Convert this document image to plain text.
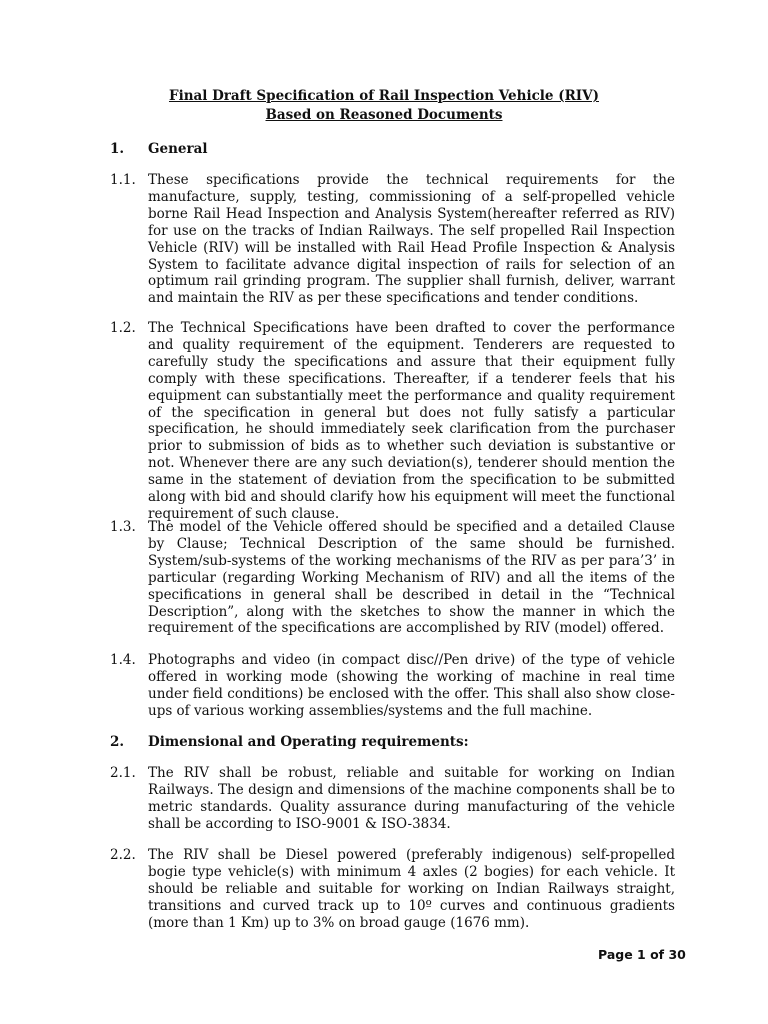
Final Draft Specification of Rail Inspection Vehicle (RIV)
Based on Reasoned Documents
1. General
1.1. These specifications provide the technical requirements for the manufacture, supply, testing, commissioning of a self-propelled vehicle borne Rail Head Inspection and Analysis System(hereafter referred as RIV) for use on the tracks of Indian Railways. The self propelled Rail Inspection Vehicle (RIV) will be installed with Rail Head Profile Inspection & Analysis System to facilitate advance digital inspection of rails for selection of an optimum rail grinding program. The supplier shall furnish, deliver, warrant and maintain the RIV as per these specifications and tender conditions.
1.2. The Technical Specifications have been drafted to cover the performance and quality requirement of the equipment. Tenderers are requested to carefully study the specifications and assure that their equipment fully comply with these specifications. Thereafter, if a tenderer feels that his equipment can substantially meet the performance and quality requirement of the specification in general but does not fully satisfy a particular specification, he should immediately seek clarification from the purchaser prior to submission of bids as to whether such deviation is substantive or not. Whenever there are any such deviation(s), tenderer should mention the same in the statement of deviation from the specification to be submitted along with bid and should clarify how his equipment will meet the functional requirement of such clause.
1.3. The model of the Vehicle offered should be specified and a detailed Clause by Clause; Technical Description of the same should be furnished. System/sub-systems of the working mechanisms of the RIV as per para’3’ in particular (regarding Working Mechanism of RIV) and all the items of the specifications in general shall be described in detail in the “Technical Description”, along with the sketches to show the manner in which the requirement of the specifications are accomplished by RIV (model) offered.
1.4. Photographs and video (in compact disc//Pen drive) of the type of vehicle offered in working mode (showing the working of machine in real time under field conditions) be enclosed with the offer. This shall also show close-ups of various working assemblies/systems and the full machine.
2. Dimensional and Operating requirements:
2.1. The RIV shall be robust, reliable and suitable for working on Indian Railways. The design and dimensions of the machine components shall be to metric standards. Quality assurance during manufacturing of the vehicle shall be according to ISO-9001 & ISO-3834.
2.2. The RIV shall be Diesel powered (preferably indigenous) self-propelled bogie type vehicle(s) with minimum 4 axles (2 bogies) for each vehicle. It should be reliable and suitable for working on Indian Railways straight, transitions and curved track up to 10º curves and continuous gradients (more than 1 Km) up to 3% on broad gauge (1676 mm).
Page 1 of 30
